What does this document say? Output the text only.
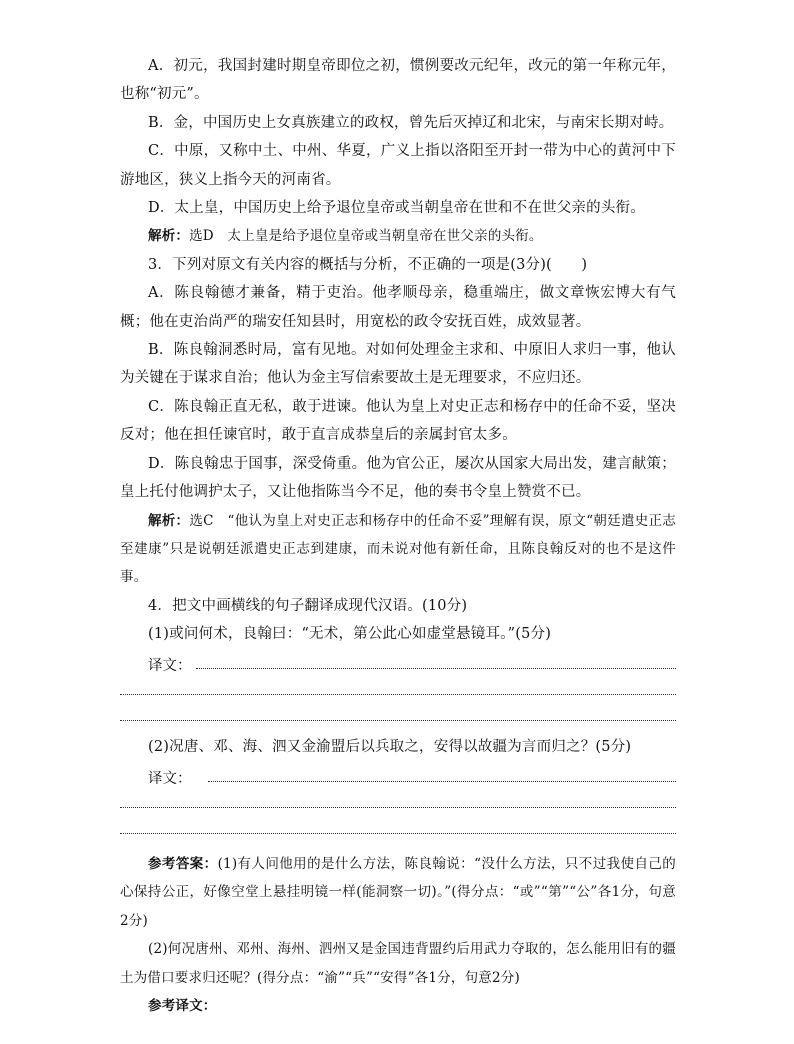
A．初元，我国封建时期皇帝即位之初，惯例要改元纪年，改元的第一年称元年，也称“初元”。

B．金，中国历史上女真族建立的政权，曾先后灭掉辽和北宋，与南宋长期对峙。

C．中原，又称中土、中州、华夏，广义上指以洛阳至开封一带为中心的黄河中下游地区，狭义上指今天的河南省。

D．太上皇，中国历史上给予退位皇帝或当朝皇帝在世和不在世父亲的头衔。

解析：选D　太上皇是给予退位皇帝或当朝皇帝在世父亲的头衔。

3．下列对原文有关内容的概括与分析，不正确的一项是(3分)(　　)

A．陈良翰德才兼备，精于吏治。他孝顺母亲，稳重端庄，做文章恢宏博大有气概；他在吏治尚严的瑞安任知县时，用宽松的政令安抚百姓，成效显著。

B．陈良翰洞悉时局，富有见地。对如何处理金主求和、中原旧人求归一事，他认为关键在于谋求自治；他认为金主写信索要故土是无理要求，不应归还。

C．陈良翰正直无私，敢于进谏。他认为皇上对史正志和杨存中的任命不妥，坚决反对；他在担任谏官时，敢于直言成恭皇后的亲属封官太多。

D．陈良翰忠于国事，深受倚重。他为官公正，屡次从国家大局出发，建言献策；皇上托付他调护太子，又让他指陈当今不足，他的奏书令皇上赞赏不已。

解析：选C　“他认为皇上对史正志和杨存中的任命不妥”理解有误，原文“朝廷遣史正志至建康”只是说朝廷派遣史正志到建康，而未说对他有新任命，且陈良翰反对的也不是这件事。

4．把文中画横线的句子翻译成现代汉语。(10分)

(1)或问何术，良翰曰：“无术，第公此心如虚堂悬镜耳。”(5分)

译文：

(2)况唐、邓、海、泗又金渝盟后以兵取之，安得以故疆为言而归之？(5分)

译文：

参考答案：(1)有人问他用的是什么方法，陈良翰说：“没什么方法，只不过我使自己的心保持公正，好像空堂上悬挂明镜一样(能洞察一切)。”(得分点：“或”“第”“公”各1分，句意2分)

(2)何况唐州、邓州、海州、泗州又是金国违背盟约后用武力夺取的，怎么能用旧有的疆土为借口要求归还呢？(得分点：“渝”“兵”“安得”各1分，句意2分)

参考译文：
